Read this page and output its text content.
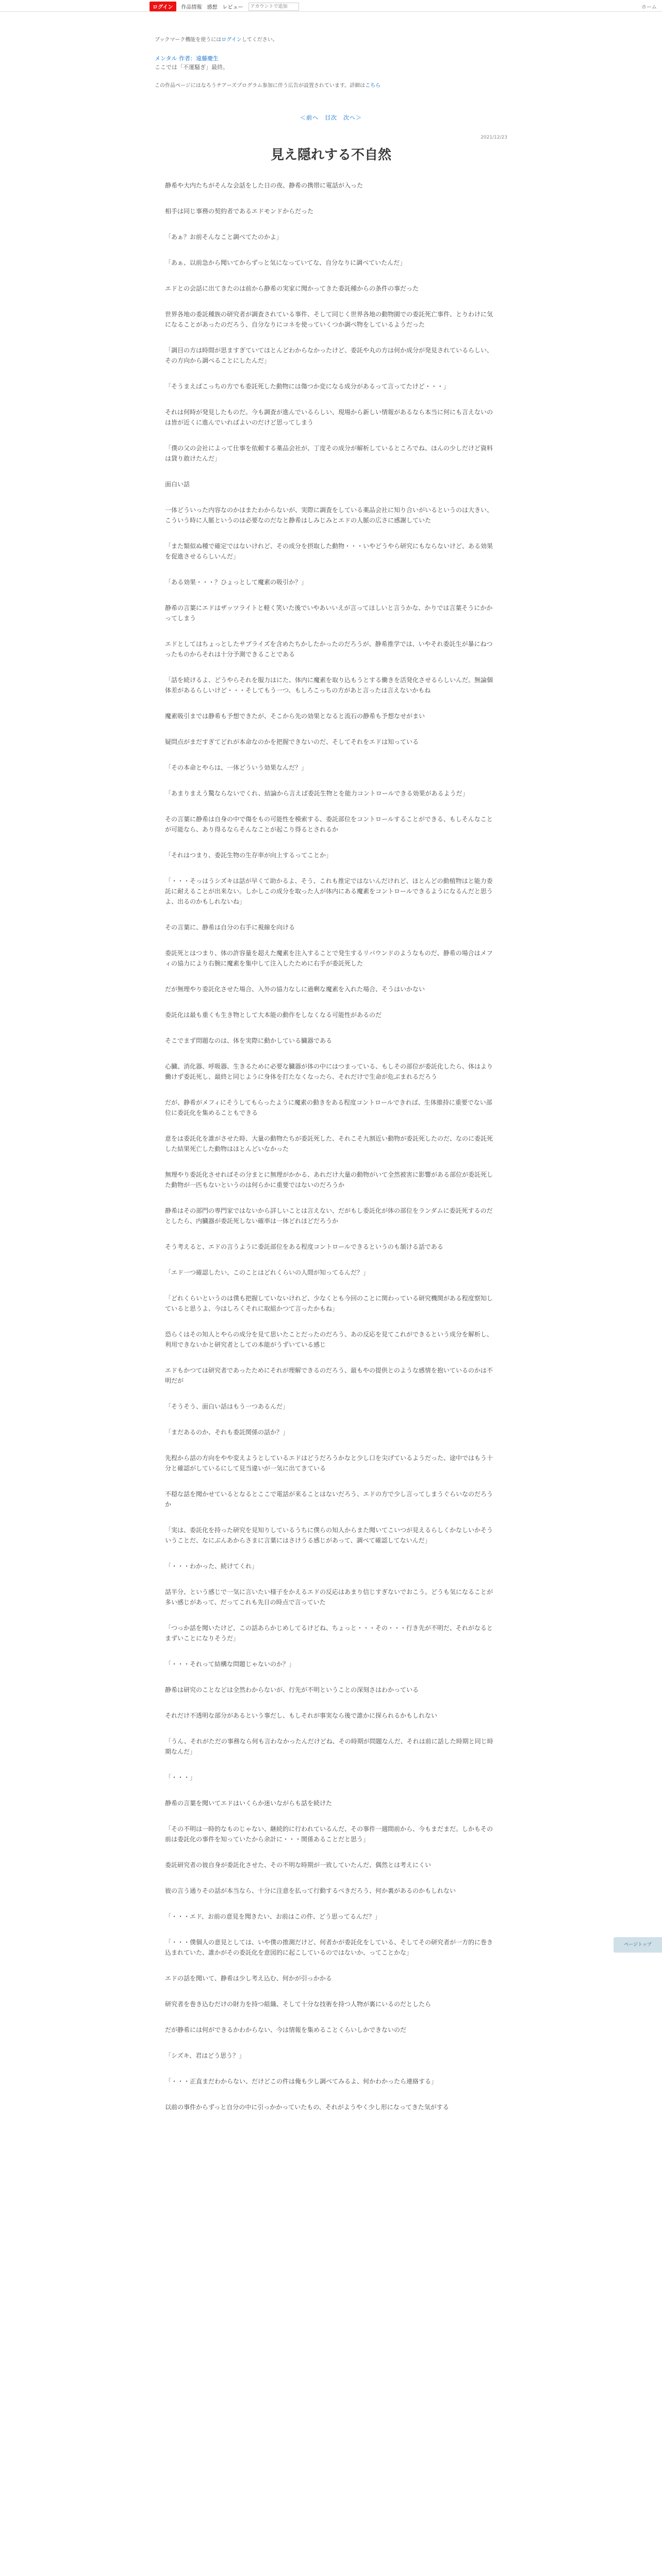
ログイン	作品情報 感想 レビュー
アカウントで追加	ホーム
ブックマーク機能を使うにはログインしてください。
メンタル 作者：遠藤慶生
ここでは「不運騒ぎ」最終。
この作品ページにはなろうチアーズプログラム参加に伴う広告が設置されています。詳細はこちら
＜前へ　目次　次へ＞
2021/12/23
見え隠れする不自然

静希や大内たちがそんな会話をした日の夜、静希の携帯に電話が入った

相手は同じ事務の契約者であるエドモンドからだった

「あぁ？お前そんなこと調べてたのかよ」

「あぁ、以前急から聞いてからずっと気になっていてな、自分なりに調べていたんだ」

エドとの会話に出てきたのは前から静希の実家に聞かってきた委託種からの条件の事だった

世界各地の委託種族の研究者が調査されている事件、そして同じく世界各地の動物園での委託死亡事件、とりわけに気になることがあったのだろう、自分なりにコネを使っていくつか調べ物をしているようだった

「調目の方は時間が思ますぎていてほとんどわからなかったけど、委託や丸の方は何か成分が発見されているらしい、その方向から調べることにしたんだ」

「そうまえばこっちの方でも委託死した動物には傷つか変になる成分があるって言ってたけど・・・」

それは何時が発見したものだ。今も調査が進んでいるらしい、現場から新しい情報があるなら本当に何にも言えないのは皆が近くに進んでいればよいのだけど思ってしまう

「僕の父の会社によって仕事を依頼する薬品会社が、丁度その成分が解析しているところでね、ほんの少しだけど資料は貸り敢けたんだ」

面白い話

一体どういった内容なのかはまたわからないが、実際に調査をしている薬品会社に知り合いがいるというのは大きい、こういう時に人脈というのは必要なのだなと静希はしみじみとエドの人脈の広さに感謝していた

「また類似ぬ種で確定ではないけれど、その成分を摂取した動物・・・いやどうやら研究にもならないけど、ある効果を促進させるらしいんだ」

「ある効果・・・？ひょっとして魔素の吸引か？」

静希の言葉にエドはザッツライトと軽く笑いた後でいやあいいえが言ってほしいと言うかな、かりでは言葉そうにかかってしまう

エドとしてはちょっとしたサプライズを含めたちかしたかったのだろうが、静希推学では、いやそれ委託生が暴にねつったものからそれは十分予測できることである

「話を続けるよ、どうやらそれを服力はにた、体内に魔素を取り込もうとする働きを活発化させるらしいんだ。無論個体差があるらしいけど・・・そしてもう一つ、もしろこっちの方があと言ったは言えないかもね

魔素吸引までは静希も予想できたが、そこから先の効果となると流石の静希も予想なせがまい

疑問点がまだすぎてどれが本命なのかを把握できないのだ、そしてそれをエドは知っている

「その本命とやらは、一体どういう効果なんだ？」

「あまりまえう驚ならないでくれ、結論から言えば委託生物とを能力コントロールできる効果があるようだ」

その言葉に静希は自身の中で傷をもの可能性を模索する、委託部位をコントロールすることができる、もしそんなことが可能なら、あり得るならそんなことが起こり得るとされるか

「それはつまり、委託生物の生存率が向上するってことか」

「・・・そっはうシズキは話が早くて助かるよ、そう、これも推定ではないんだけれど、ほとんどの動植物はと能力委託に耐えることが出来ない。しかしこの成分を取った人が体内にある魔素をコントロールできるようになるんだと思うよ、出るのかもしれないね」

その言葉に、静希は自分の右手に視線を向ける

委託死とはつまり、体の許容量を超えた魔素を注入することで発生するリバウンドのようなものだ、静希の場合はメフィの協力により右腕に魔素を集中して注入したために右手が委託死した

だが無理やり委託化させた場合、入外の協力なしに過剰な魔素を入れた場合、そうはいかない

委託化は最も重くも生き物として大本能の動作をしなくなる可能性があるのだ

そこでまず問題なのは、体を実際に動かしている臓器である

心臓、消化器、呼吸器、生きるために必要な臓器が体の中にはつまっている、もしその部位が委託化したら、体はより働けず委託死し、最終と同じように身体を打たなくなったら、それだけで生命が危ぶまれるだろう

だが、静希がメフィにそうしてもらったように魔素の動きをある程度コントロールできれば、生体維持に重要でない部位に委託化を集めることもできる

意をは委託化を誰がさせた時、大量の動物たちが委託死した、それこそ九割近い動物が委託死したのだ、なのに委託死した結果死亡した動物はほとんどいなかった

無理やり委託化させればその分まとに無理がかかる、あれだけ大量の動物がいて全然被害に影響がある部位が委託死した動物が一匹もないというのは何らかに重要ではないのだろうか

静希はその部門の専門家ではないから詳しいことは言えない、だがもし委託化が体の部位をランダムに委託死するのだとしたら、内臓器が委託死しない確率は一体どれほどだろうか

そう考えると、エドの言うように委託部位をある程度コントロールできるというのも頷ける話である

「エド一つ確認したい、このことはどれくらいの人間が知ってるんだ？」

「どれくらいというのは僕も把握していないけれど、少なくとも今回のことに関わっている研究機関がある程度察知していると思うよ、今はしろくそれに取組かつて言ったかもね」

恐らくはその知人とやらの成分を見て思いたことだったのだろう、あの反応を見てこれができるという成分を解析し、利用できないかと研究者としての本能がうずいている感じ

エドもかつては研究者であったためにそれが理解できるのだろう、最もやの提供とのような感情を抱いているのかは不明だが

「そうそう、面白い話はもう一つあるんだ」

「まだあるのか、それも委託関係の話か？」

先程から話の方向をやや変えようとしているエドはどうだろうかなと少し口を尖げているようだった、途中ではもう十分と確認がしているにして見当違いが一気に出てきている

不穏な話を聞かせているとなるとここで電話が来ることはないだろう、エドの方で少し言ってしまうぐらいなのだろうか

「実は、委託化を持った研究を見知りしているうちに僕らの知人からまた聞いてこいつが見えるらしくかなしいかそういうことだ、なにぶんあからさまに言葉にはさけうる感じがあって、調べて確認してないんだ」

「・・・わかった、続けてくれ」

話半分、という感じで一気に言いたい様子をかえるエドの反応はあまり信じすぎないでおこう。どうも気になることが多い感じがあって、だってこれも先日の時点で言っていた

「つっか話を聞いたけど、この話あらかじめしてるけどね、ちょっと・・・その・・・行き先が不明だ、それがなるとまずいことになりそうだ」

「・・・それって結構な問題じゃないのか？」

静希は研究のことなどは全然わからないが、行先が不明ということの深刻さはわかっている

それだけ不透明な部分があるという事だし、もしそれが事実なら後で誰かに探られるかもしれない

「うん、それがただの事務なら何も言わなかったんだけどね、その時期が問題なんだ、それは前に話した時期と同じ時期なんだ」

「・・・」

静希の言葉を聞いてエドはいくらか迷いながらも話を続けた

「その不明は一時的なものじゃない、継続的に行われているんだ、その事件一週間前から、今もまだまだ。しかもその前は委託化の事件を知っていたから余計に・・・関係あることだと思う」

委託研究者の彼自身が委託化させた、その不明な時期が一致していたんだ、偶然とは考えにくい

彼の言う通りその話が本当なら、十分に注意を払って行動するべきだろう、何か裏があるのかもしれない

「・・・エド、お前の意見を聞きたい、お前はこの件、どう思ってるんだ？」

「・・・僕個人の意見としては、いや僕の推測だけど、何者かが委託化をしている、そしてその研究者が一方的に巻き込まれていた、誰かがその委託化を意図的に起こしているのではないか、ってことかな」

エドの話を聞いて、静希は少し考え込む、何かが引っかかる

研究者を巻き込むだけの財力を持つ組織、そして十分な技術を持つ人物が裏にいるのだとしたら

だが静希には何ができるかわからない、今は情報を集めることくらいしかできないのだ

「シズキ、君はどう思う？」

「・・・正直まだわからない、だけどこの件は俺も少し調べてみるよ、何かわかったら連絡する」

以前の事件からずっと自分の中に引っかかっていたもの、それがようやく少し形になってきた気がする

ページトップ
